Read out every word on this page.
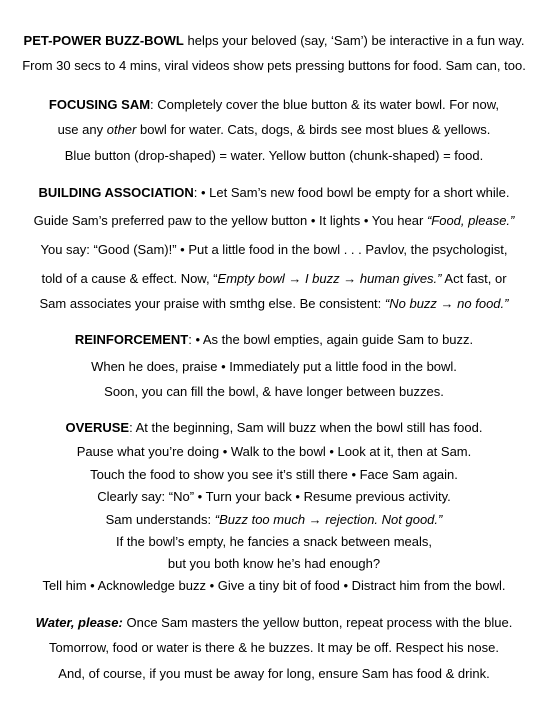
PET-POWER BUZZ-BOWL helps your beloved (say, ‘Sam’) be interactive in a fun way.
From 30 secs to 4 mins, viral videos show pets pressing buttons for food. Sam can, too.
FOCUSING SAM: Completely cover the blue button & its water bowl. For now,
use any other bowl for water. Cats, dogs, & birds see most blues & yellows.
Blue button (drop-shaped) = water. Yellow button (chunk-shaped) = food.
BUILDING ASSOCIATION: • Let Sam’s new food bowl be empty for a short while.
Guide Sam’s preferred paw to the yellow button • It lights • You hear “Food, please.”
You say: “Good (Sam)!” • Put a little food in the bowl . . . Pavlov, the psychologist,
told of a cause & effect. Now, “Empty bowl → I buzz → human gives.” Act fast, or
Sam associates your praise with smthg else. Be consistent: “No buzz → no food.”
REINFORCEMENT: • As the bowl empties, again guide Sam to buzz.
When he does, praise • Immediately put a little food in the bowl.
Soon, you can fill the bowl, & have longer between buzzes.
OVERUSE: At the beginning, Sam will buzz when the bowl still has food.
Pause what you’re doing • Walk to the bowl • Look at it, then at Sam.
Touch the food to show you see it’s still there • Face Sam again.
Clearly say: “No” • Turn your back • Resume previous activity.
Sam understands: “Buzz too much → rejection. Not good.”
If the bowl’s empty, he fancies a snack between meals,
but you both know he’s had enough?
Tell him • Acknowledge buzz • Give a tiny bit of food • Distract him from the bowl.
Water, please: Once Sam masters the yellow button, repeat process with the blue.
Tomorrow, food or water is there & he buzzes. It may be off. Respect his nose.
And, of course, if you must be away for long, ensure Sam has food & drink.
